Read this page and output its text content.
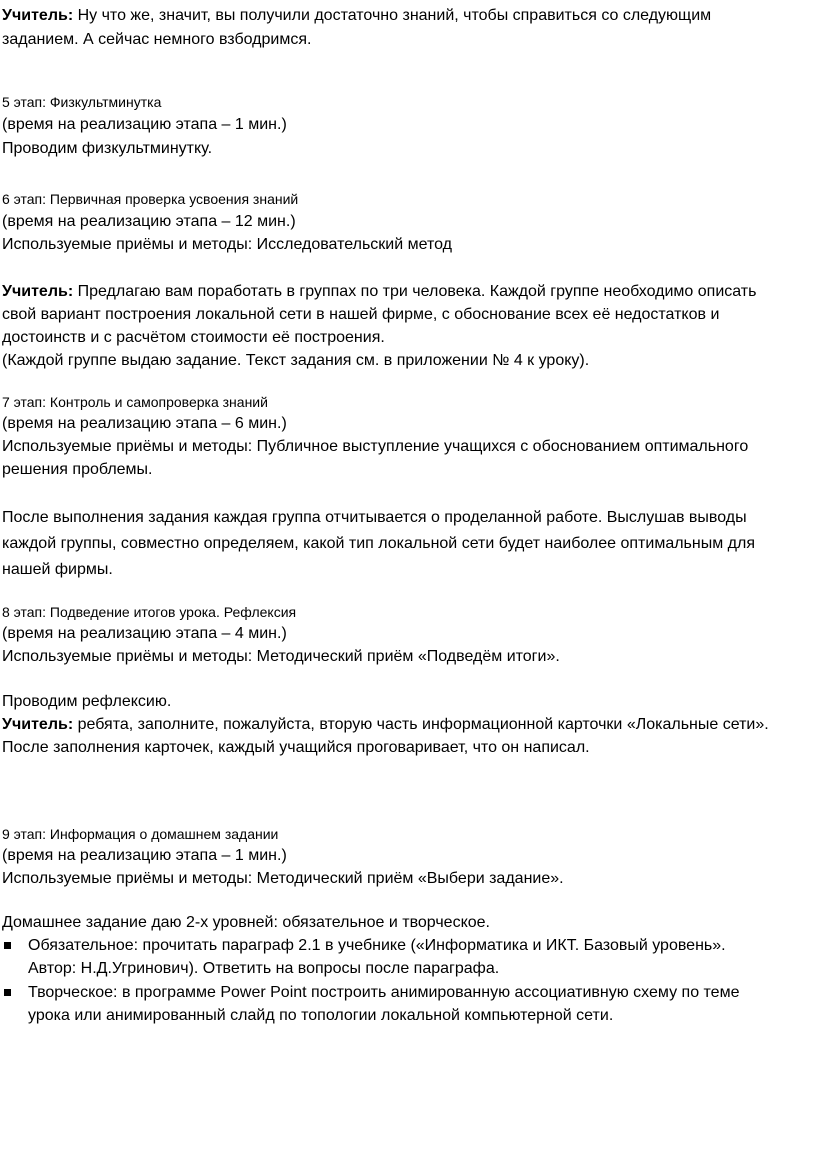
Учитель: Ну что же, значит, вы получили достаточно знаний, чтобы справиться со следующим
заданием. А сейчас немного взбодримся.
5 этап: Физкультминутка
(время на реализацию этапа – 1 мин.)
Проводим физкультминутку.
6 этап: Первичная проверка усвоения знаний
(время на реализацию этапа – 12 мин.)
Используемые приёмы и методы: Исследовательский метод
Учитель: Предлагаю вам поработать в группах по три человека. Каждой группе необходимо описать
свой вариант построения локальной сети в нашей фирме, с обоснование всех её недостатков и
достоинств и с расчётом стоимости её построения.
(Каждой группе выдаю задание. Текст задания см. в приложении № 4 к уроку).
7 этап: Контроль и самопроверка знаний
(время на реализацию этапа – 6 мин.)
Используемые приёмы и методы: Публичное выступление учащихся с обоснованием оптимального
решения проблемы.
После выполнения задания каждая группа отчитывается о проделанной работе. Выслушав выводы
каждой группы, совместно определяем, какой тип локальной сети будет наиболее оптимальным для
нашей фирмы.
8 этап: Подведение итогов урока. Рефлексия
(время на реализацию этапа – 4 мин.)
Используемые приёмы и методы: Методический приём «Подведём итоги».
Проводим рефлексию.
Учитель: ребята, заполните, пожалуйста, вторую часть информационной карточки «Локальные сети».
После заполнения карточек, каждый учащийся проговаривает, что он написал.
9 этап: Информация о домашнем задании
(время на реализацию этапа – 1 мин.)
Используемые приёмы и методы: Методический приём «Выбери задание».
Домашнее задание даю 2-х уровней: обязательное и творческое.
Обязательное: прочитать параграф 2.1 в учебнике («Информатика и ИКТ. Базовый уровень».
Автор: Н.Д.Угринович). Ответить на вопросы после параграфа.
Творческое: в программе Power Point построить анимированную ассоциативную схему по теме
урока или анимированный слайд по топологии локальной компьютерной сети.
